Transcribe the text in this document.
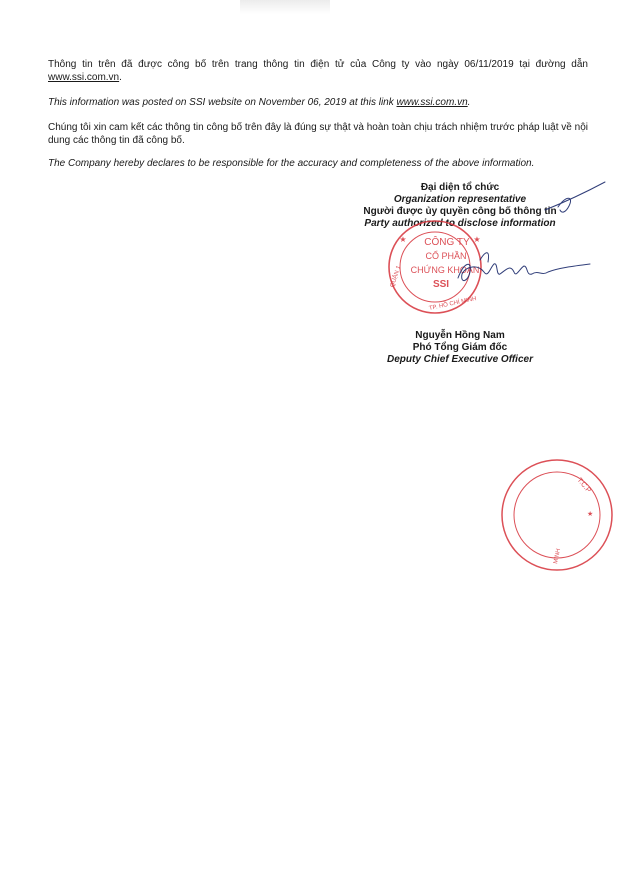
Thông tin trên đã được công bố trên trang thông tin điện tử của Công ty vào ngày 06/11/2019 tại đường dẫn www.ssi.com.vn.
This information was posted on SSI website on November 06, 2019 at this link www.ssi.com.vn.
Chúng tôi xin cam kết các thông tin công bố trên đây là đúng sự thật và hoàn toàn chịu trách nhiệm trước pháp luật về nội dung các thông tin đã công bố.
The Company hereby declares to be responsible for the accuracy and completeness of the above information.
Đại diện tổ chức
Organization representative
Người được ủy quyền công bố thông tin
Party authorized to disclose information
CÔNG TY
CỔ PHẦN
CHỨNG KHOÁN
SSI
QUẬN 1
TP. HỒ CHÍ MINH
★	★
Nguyễn Hồng Nam
Phó Tổng Giám đốc
Deputy Chief Executive Officer
T.C.P
MINH
★
